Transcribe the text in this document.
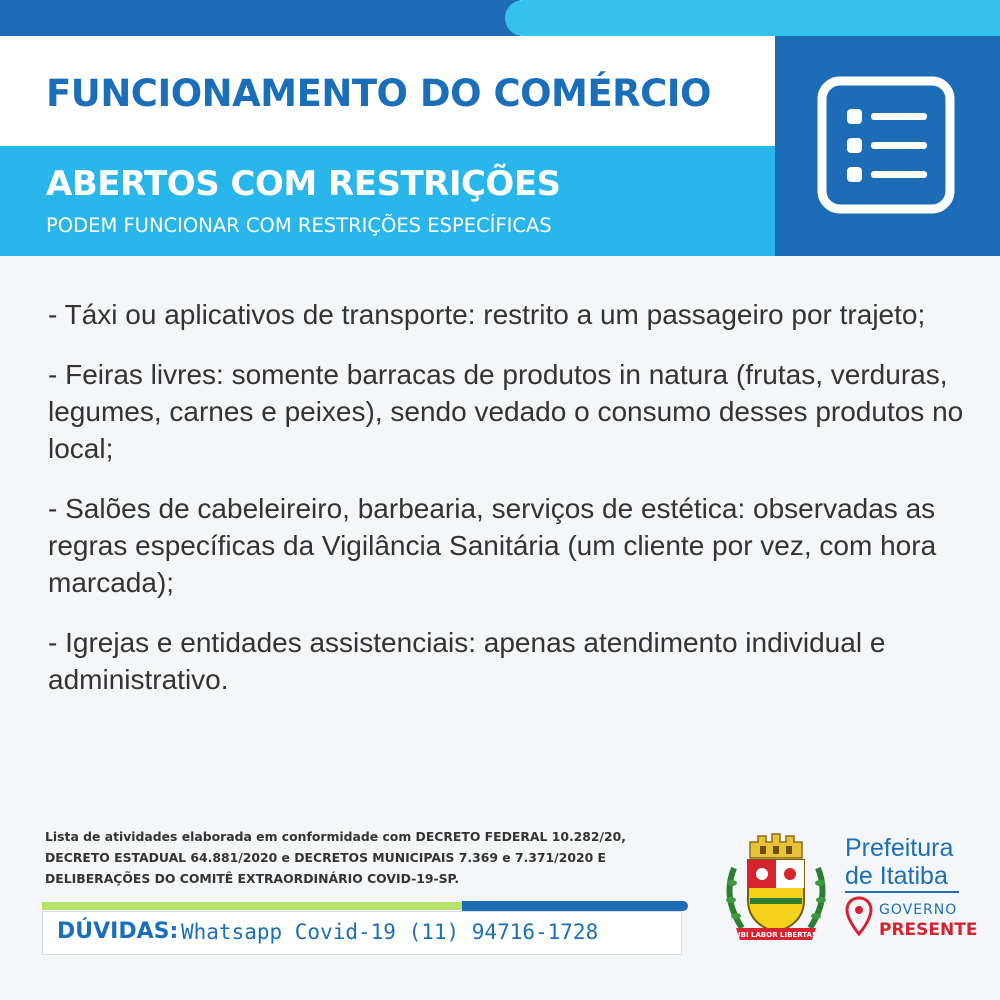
FUNCIONAMENTO DO COMÉRCIO
ABERTOS COM RESTRIÇÕES
PODEM FUNCIONAR COM RESTRIÇÕES ESPECÍFICAS

- Táxi ou aplicativos de transporte: restrito a um passageiro por trajeto;

- Feiras livres: somente barracas de produtos in natura (frutas, verduras, legumes, carnes e peixes), sendo vedado o consumo desses produtos no local;

- Salões de cabeleireiro, barbearia, serviços de estética: observadas as regras específicas da Vigilância Sanitária (um cliente por vez, com hora marcada);

- Igrejas e entidades assistenciais: apenas atendimento individual e administrativo.

Lista de atividades elaborada em conformidade com DECRETO FEDERAL 10.282/20,
DECRETO ESTADUAL 64.881/2020 e DECRETOS MUNICIPAIS 7.369 e 7.371/2020 E
DELIBERAÇÕES DO COMITÊ EXTRAORDINÁRIO COVID-19-SP.
DÚVIDAS: Whatsapp Covid-19 (11) 94716-1728	UBI LABOR LIBERTAS
Prefeitura
de Itatiba
GOVERNO
PRESENTE
